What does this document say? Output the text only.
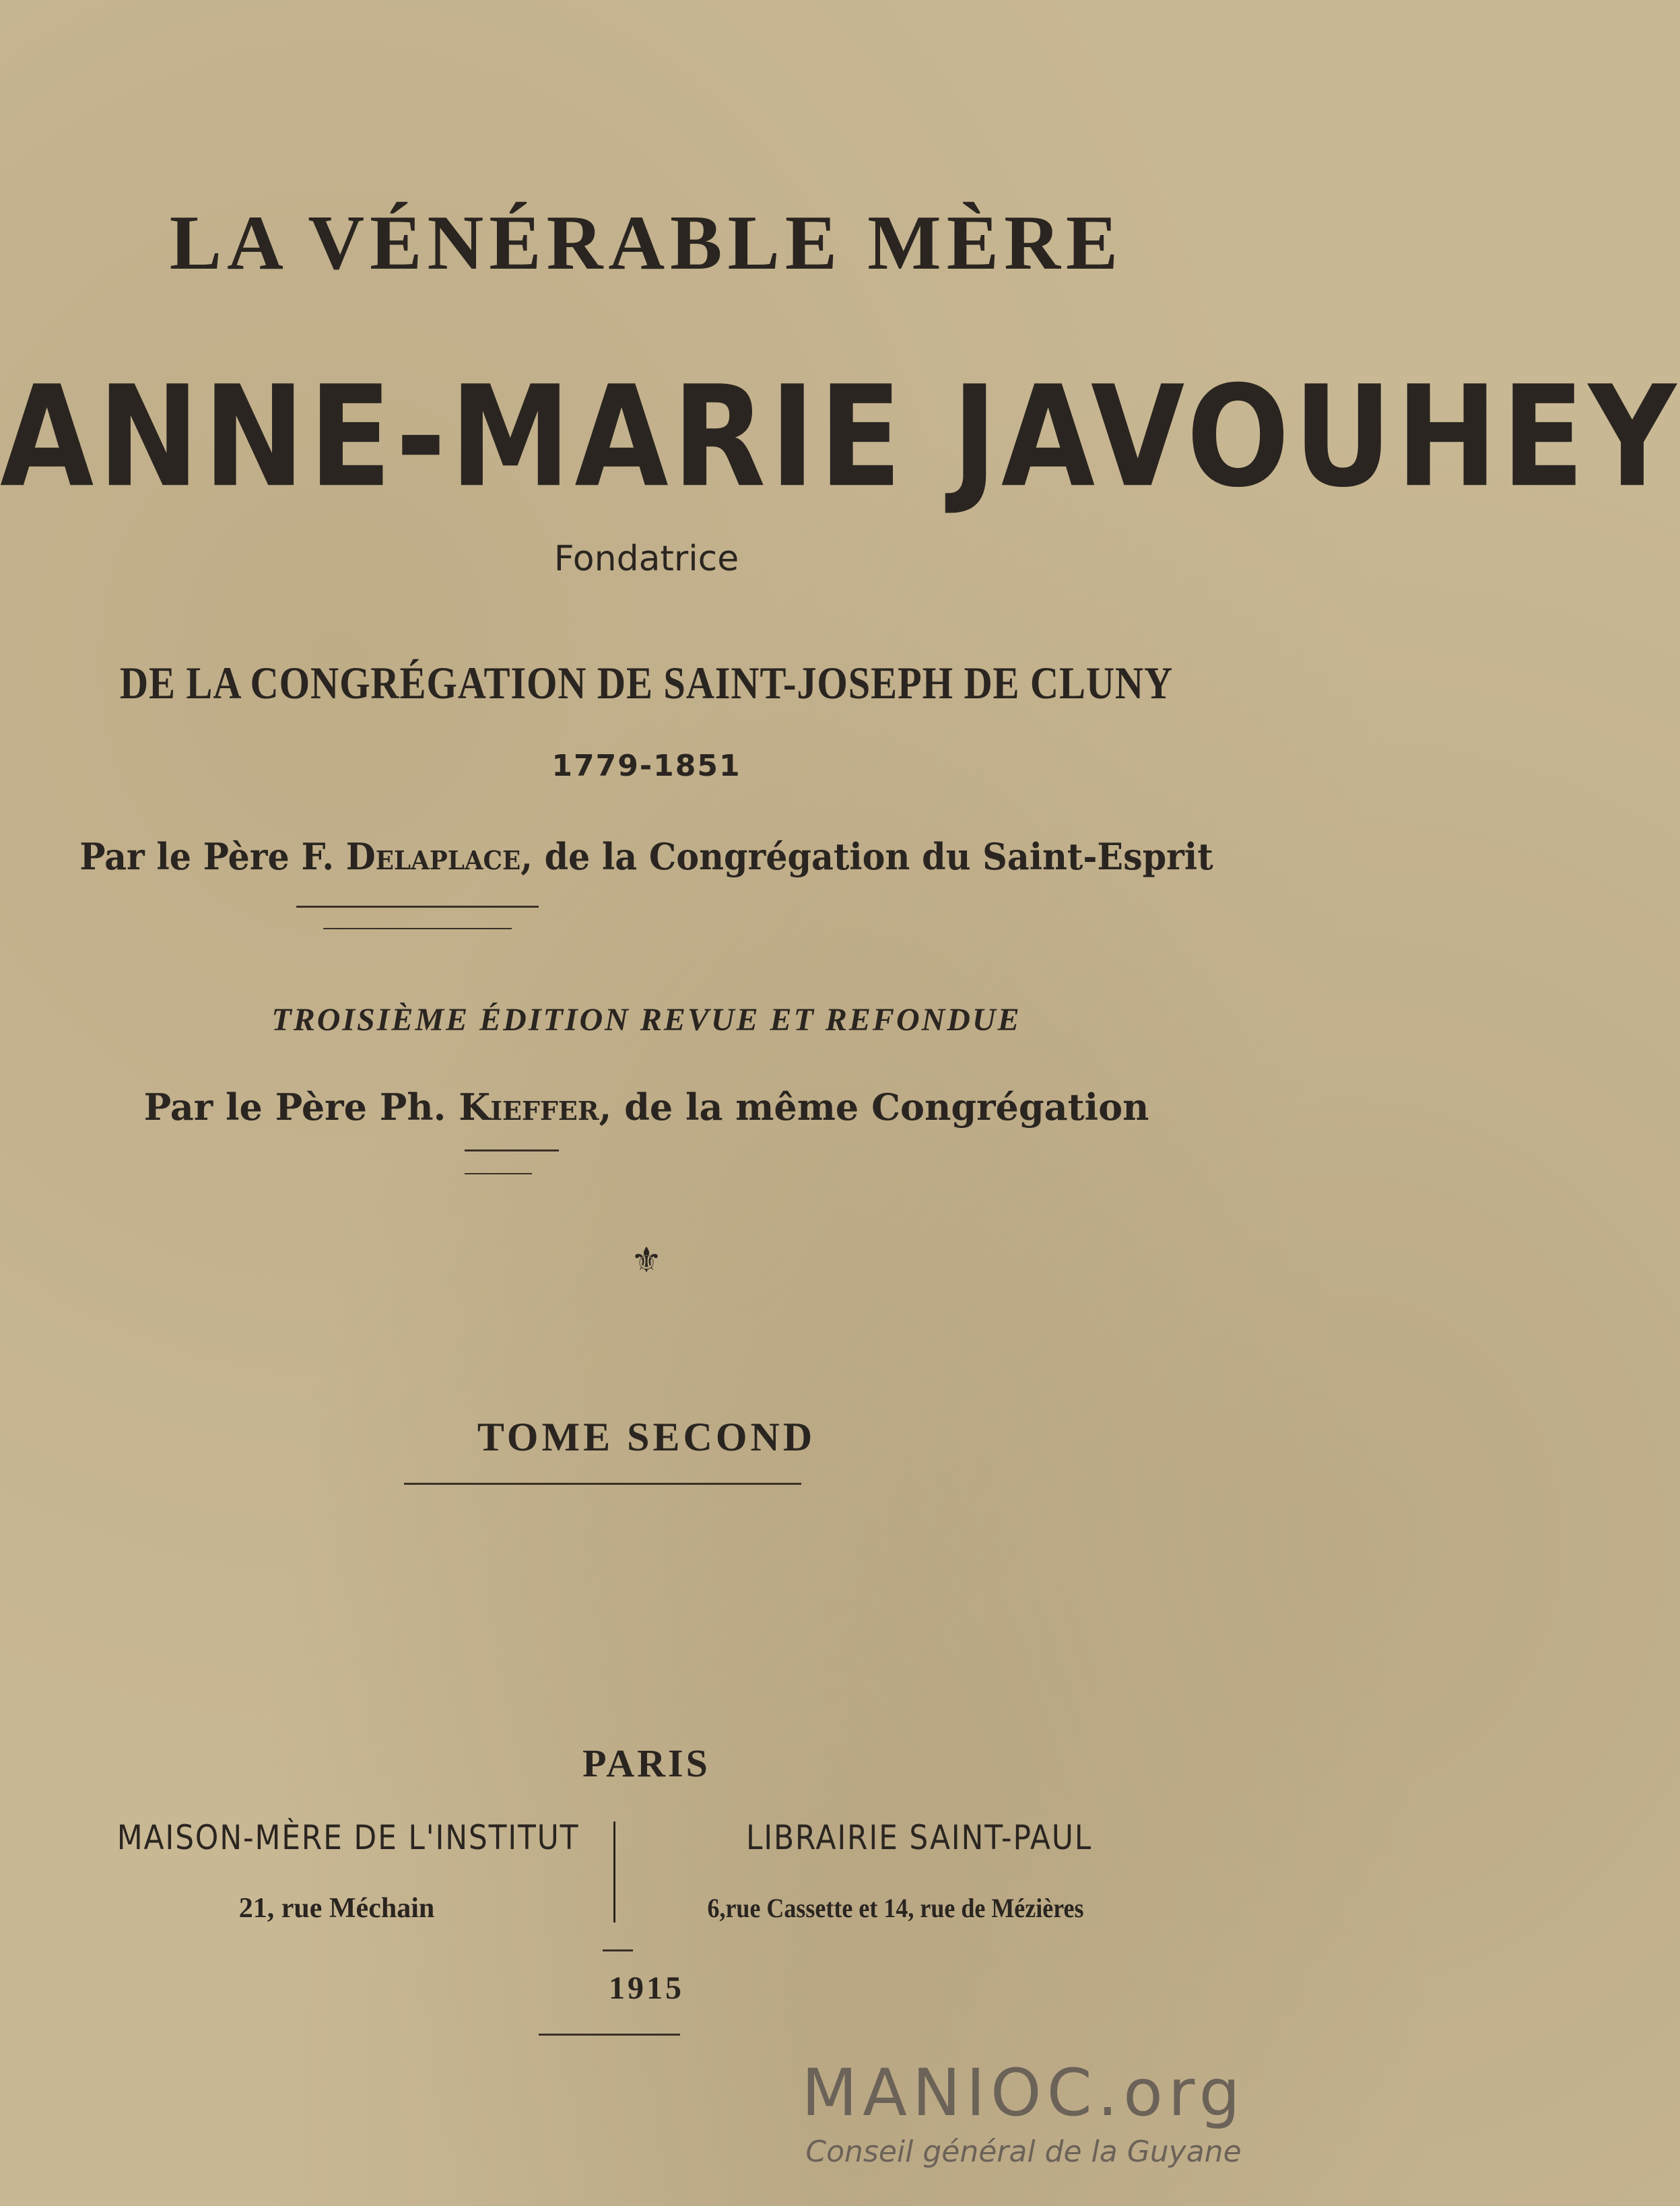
LA VÉNÉRABLE MÈRE
ANNE-MARIE JAVOUHEY
Fondatrice
DE LA CONGRÉGATION DE SAINT-JOSEPH DE CLUNY
1779-1851
Par le Père F. Delaplace, de la Congrégation du Saint-Esprit
TROISIÈME ÉDITION REVUE ET REFONDUE
Par le Père Ph. Kieffer, de la même Congrégation
⚜
TOME SECOND
PARIS
MAISON-MÈRE DE L'INSTITUT
21, rue Méchain
LIBRAIRIE SAINT-PAUL
6,rue Cassette et 14, rue de Mézières
1915
MANIOC.org
Conseil général de la Guyane
